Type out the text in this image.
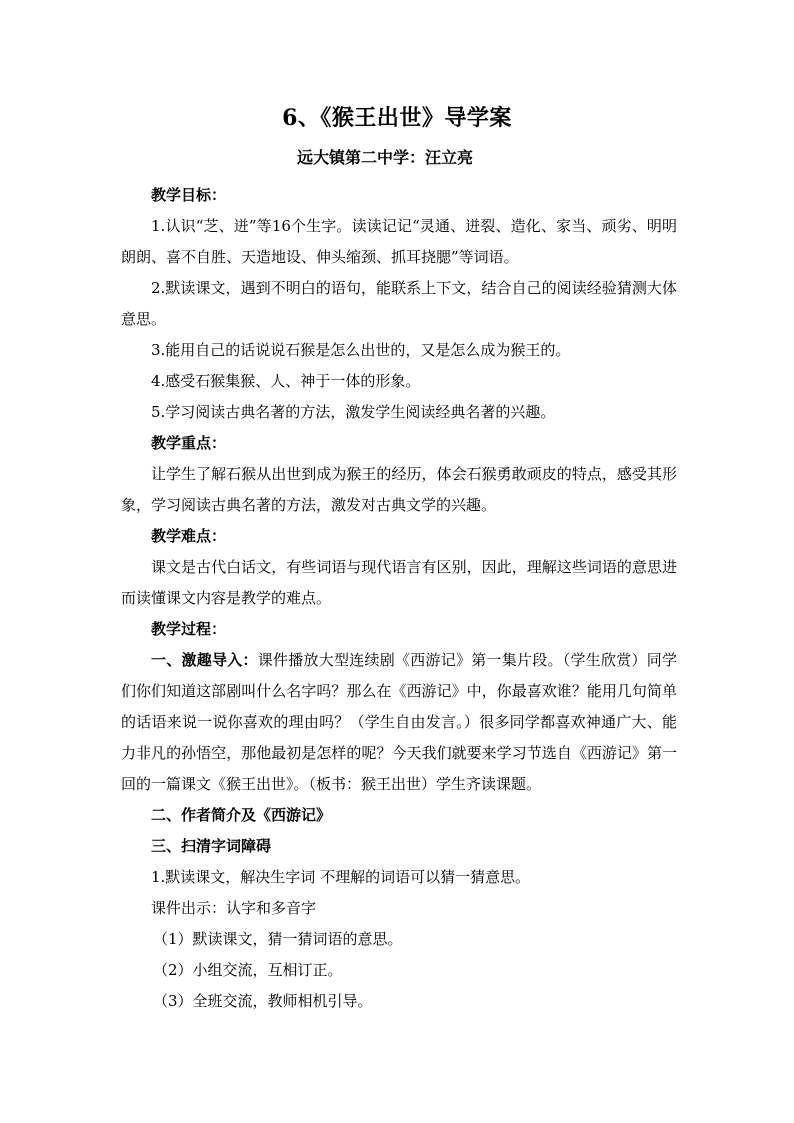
6、《猴王出世》导学案
远大镇第二中学：汪立亮

教学目标：

1.认识“芝、迸”等16个生字。读读记记“灵通、迸裂、造化、家当、顽劣、明明朗朗、喜不自胜、天造地设、伸头缩颈、抓耳挠腮”等词语。

2.默读课文，遇到不明白的语句，能联系上下文，结合自己的阅读经验猜测大体意思。

3.能用自己的话说说石猴是怎么出世的，又是怎么成为猴王的。

4.感受石猴集猴、人、神于一体的形象。

5.学习阅读古典名著的方法，激发学生阅读经典名著的兴趣。

教学重点：

让学生了解石猴从出世到成为猴王的经历，体会石猴勇敢顽皮的特点，感受其形象，学习阅读古典名著的方法，激发对古典文学的兴趣。

教学难点：

课文是古代白话文，有些词语与现代语言有区别，因此，理解这些词语的意思进而读懂课文内容是教学的难点。

教学过程：

一、激趣导入：课件播放大型连续剧《西游记》第一集片段。（学生欣赏）同学们你们知道这部剧叫什么名字吗？那么在《西游记》中，你最喜欢谁？能用几句简单的话语来说一说你喜欢的理由吗？（学生自由发言。）很多同学都喜欢神通广大、能力非凡的孙悟空，那他最初是怎样的呢？今天我们就要来学习节选自《西游记》第一回的一篇课文《猴王出世》。（板书：猴王出世）学生齐读课题。

二、作者简介及《西游记》

三、扫清字词障碍

1.默读课文，解决生字词 不理解的词语可以猜一猜意思。

课件出示：认字和多音字

（1）默读课文，猜一猜词语的意思。

（2）小组交流，互相订正。

（3）全班交流，教师相机引导。
